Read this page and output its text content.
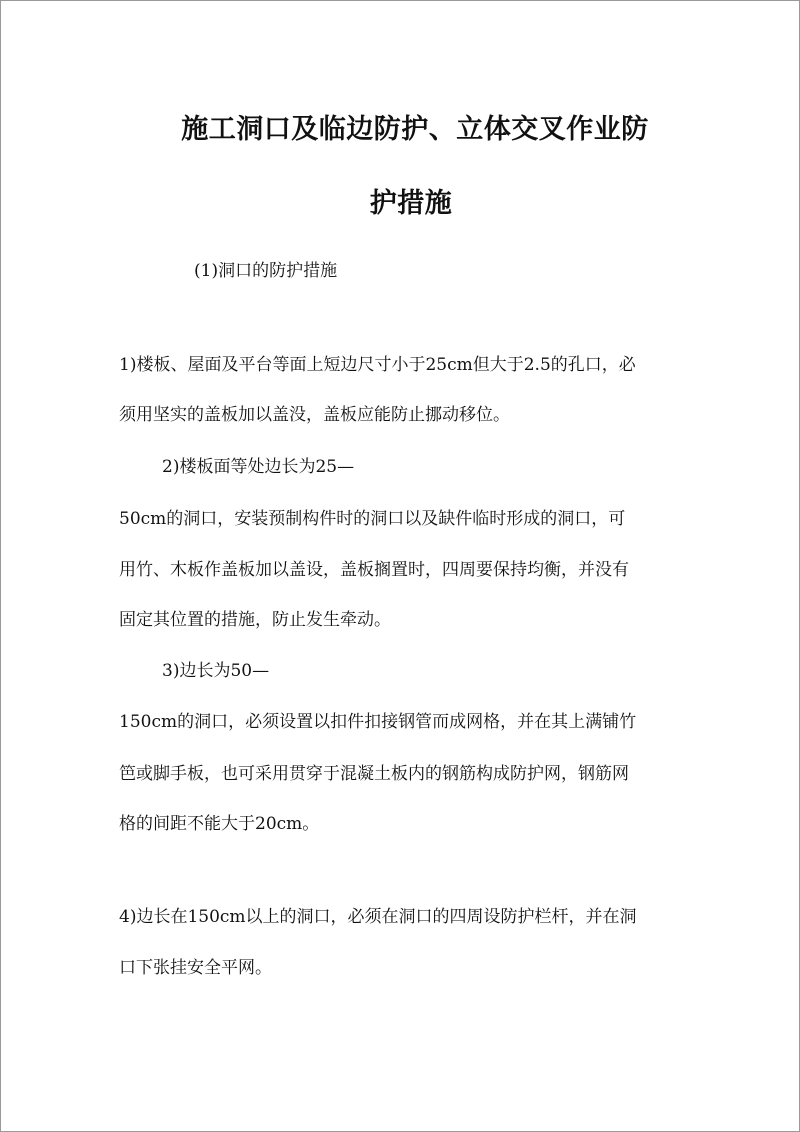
施工洞口及临边防护、立体交叉作业防
护措施
(1)洞口的防护措施
1)楼板、屋面及平台等面上短边尺寸小于25cm但大于2.5的孔口，必
须用坚实的盖板加以盖没，盖板应能防止挪动移位。
2)楼板面等处边长为25—
50cm的洞口，安装预制构件时的洞口以及缺件临时形成的洞口，可
用竹、木板作盖板加以盖设，盖板搁置时，四周要保持均衡，并没有
固定其位置的措施，防止发生牵动。
3)边长为50—
150cm的洞口，必须设置以扣件扣接钢管而成网格，并在其上满铺竹
笆或脚手板，也可采用贯穿于混凝土板内的钢筋构成防护网，钢筋网
格的间距不能大于20cm。
4)边长在150cm以上的洞口，必须在洞口的四周设防护栏杆，并在洞
口下张挂安全平网。
